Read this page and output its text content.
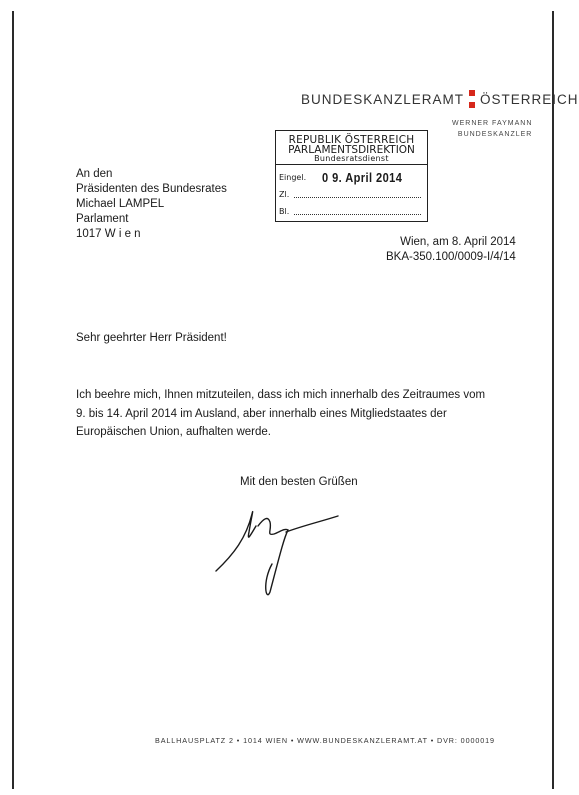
BUNDESKANZLERAMT ÖSTERREICH
WERNER FAYMANN
BUNDESKANZLER
REPUBLIK ÖSTERREICH
PARLAMENTSDIREKTION
Bundesratsdienst
Eingel. 0 9. April 2014
Zl.
Bl.
An den
Präsidenten des Bundesrates
Michael LAMPEL
Parlament
1017 W i e n
Wien, am 8. April 2014
BKA-350.100/0009-I/4/14
Sehr geehrter Herr Präsident!
Ich beehre mich, Ihnen mitzuteilen, dass ich mich innerhalb des Zeitraumes vom 9. bis 14. April 2014 im Ausland, aber innerhalb eines Mitgliedstaates der Europäischen Union, aufhalten werde.
Mit den besten Grüßen
BALLHAUSPLATZ 2 • 1014 WIEN • WWW.BUNDESKANZLERAMT.AT • DVR: 0000019
